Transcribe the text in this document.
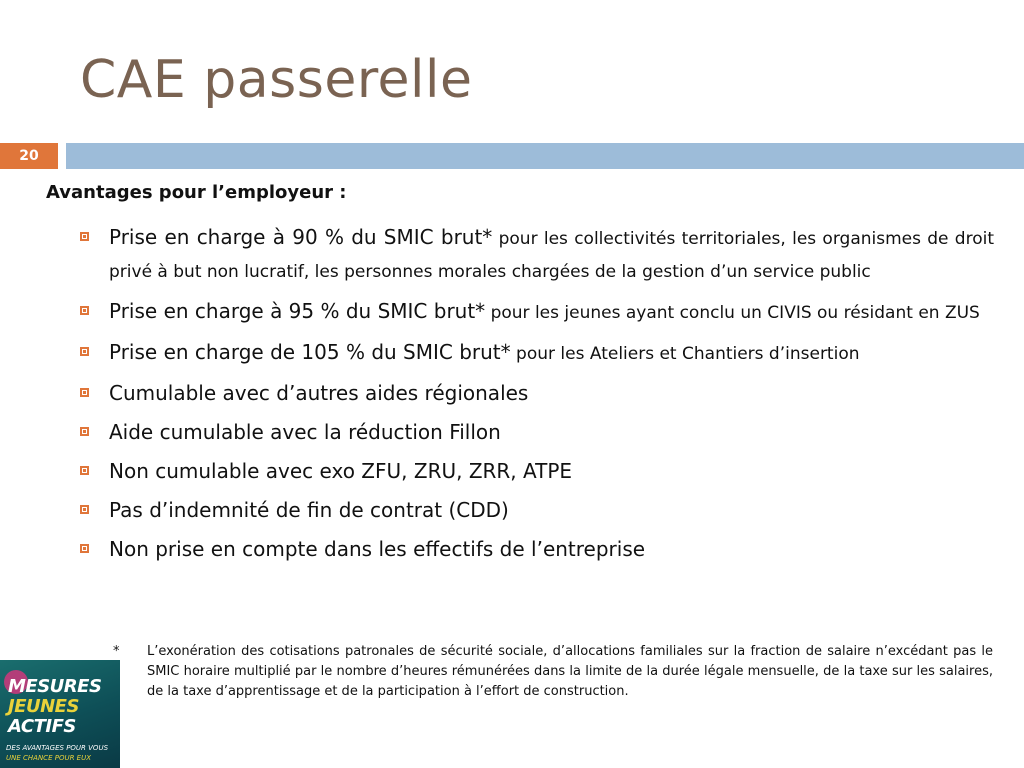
CAE passerelle
20
Avantages pour l’employeur :
Prise en charge à 90 % du SMIC brut* pour les collectivités territoriales, les organismes de droit privé à but non lucratif, les personnes morales chargées de la gestion d’un service public
Prise en charge à 95 % du SMIC brut* pour les jeunes ayant conclu un CIVIS ou résidant en ZUS
Prise en charge de 105 % du SMIC brut* pour les Ateliers et Chantiers d’insertion
Cumulable avec d’autres aides régionales
Aide cumulable avec la réduction Fillon
Non cumulable avec exo ZFU, ZRU, ZRR, ATPE
Pas d’indemnité de fin de contrat (CDD)
Non prise en compte dans les effectifs de l’entreprise
* L’exonération des cotisations patronales de sécurité sociale, d’allocations familiales sur la fraction de salaire n’excédant pas le SMIC horaire multiplié par le nombre d’heures rémunérées dans la limite de la durée légale mensuelle, de la taxe sur les salaires, de la taxe d’apprentissage et de la participation à l’effort de construction.
MESURES
JEUNES
ACTIFS
DES AVANTAGES POUR VOUS
UNE CHANCE POUR EUX
